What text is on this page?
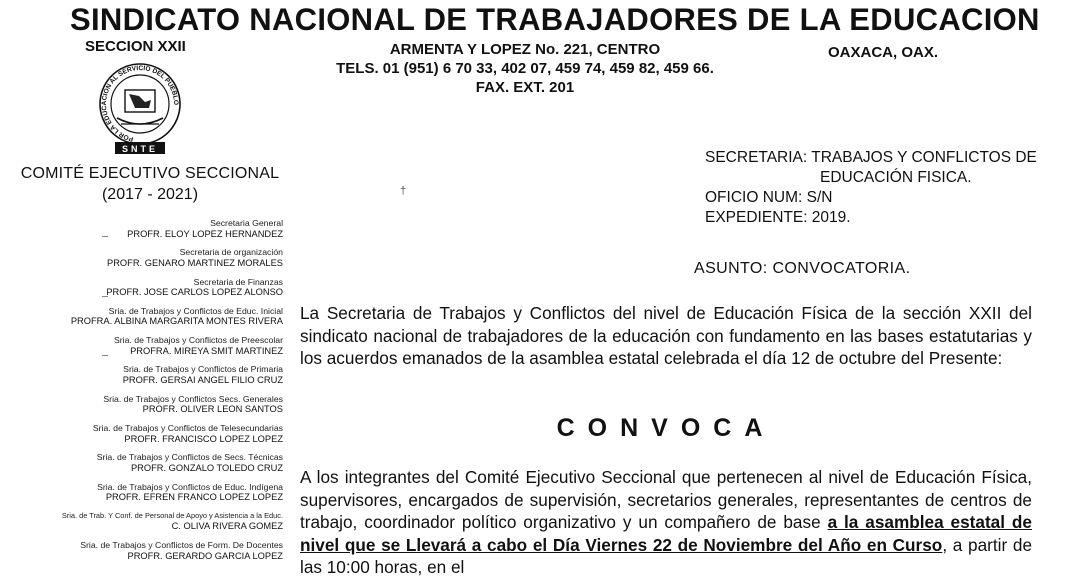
SINDICATO NACIONAL DE TRABAJADORES DE LA EDUCACION
SECCION XXII	OAXACA, OAX.
ARMENTA Y LOPEZ No. 221, CENTRO
TELS. 01 (951) 6 70 33, 402 07, 459 74, 459 82, 459 66.
FAX. EXT. 201
POR LA EDUCACION AL SERVICIO DEL PUEBLO
SNTE
COMITÉ EJECUTIVO SECCIONAL
(2017 - 2021)
Secretaria General
PROFR. ELOY LOPEZ HERNANDEZ
Secretaria de organización
PROFR. GENARO MARTINEZ MORALES
Secretaria de Finanzas
PROFR. JOSE CARLOS LOPEZ ALONSO
Sria. de Trabajos y Conflictos de Educ. Inicial
PROFRA. ALBINA MARGARITA MONTES RIVERA
Sria. de Trabajos y Conflictos de Preescolar
PROFRA. MIREYA SMIT MARTINEZ
Sria. de Trabajos y Conflictos de Primaria
PROFR. GERSAI ANGEL FILIO CRUZ
Sria. de Trabajos y Conflictos Secs. Generales
PROFR. OLIVER LEON SANTOS
Sria. de Trabajos y Conflictos de Telesecundarias
PROFR. FRANCISCO LOPEZ LOPEZ
Sria. de Trabajos y Conflictos de Secs. Técnicas
PROFR. GONZALO TOLEDO CRUZ
Sria. de Trabajos y Conflictos de Educ. Indígena
PROFR. EFREN FRANCO LOPEZ LOPEZ
Sria. de Trab. Y Conf. de Personal de Apoyo y Asistencia a la Educ.
C. OLIVA RIVERA GOMEZ
Sria. de Trabajos y Conflictos de Form. De Docentes
PROFR. GERARDO GARCIA LOPEZ
†
SECRETARIA: TRABAJOS Y CONFLICTOS DE
EDUCACIÓN FISICA.
OFICIO NUM: S/N
EXPEDIENTE: 2019.
ASUNTO: CONVOCATORIA.
La Secretaria de Trabajos y Conflictos del nivel de Educación Física de la sección XXII del sindicato nacional de trabajadores de la educación con fundamento en las bases estatutarias y los acuerdos emanados de la asamblea estatal celebrada el día 12 de octubre del Presente:
CONVOCA
A los integrantes del Comité Ejecutivo Seccional que pertenecen al nivel de Educación Física, supervisores, encargados de supervisión, secretarios generales, representantes de centros de trabajo, coordinador político organizativo y un compañero de base a la asamblea estatal de nivel que se Llevará a cabo el Día Viernes 22 de Noviembre del Año en Curso, a partir de las 10:00 horas, en el
